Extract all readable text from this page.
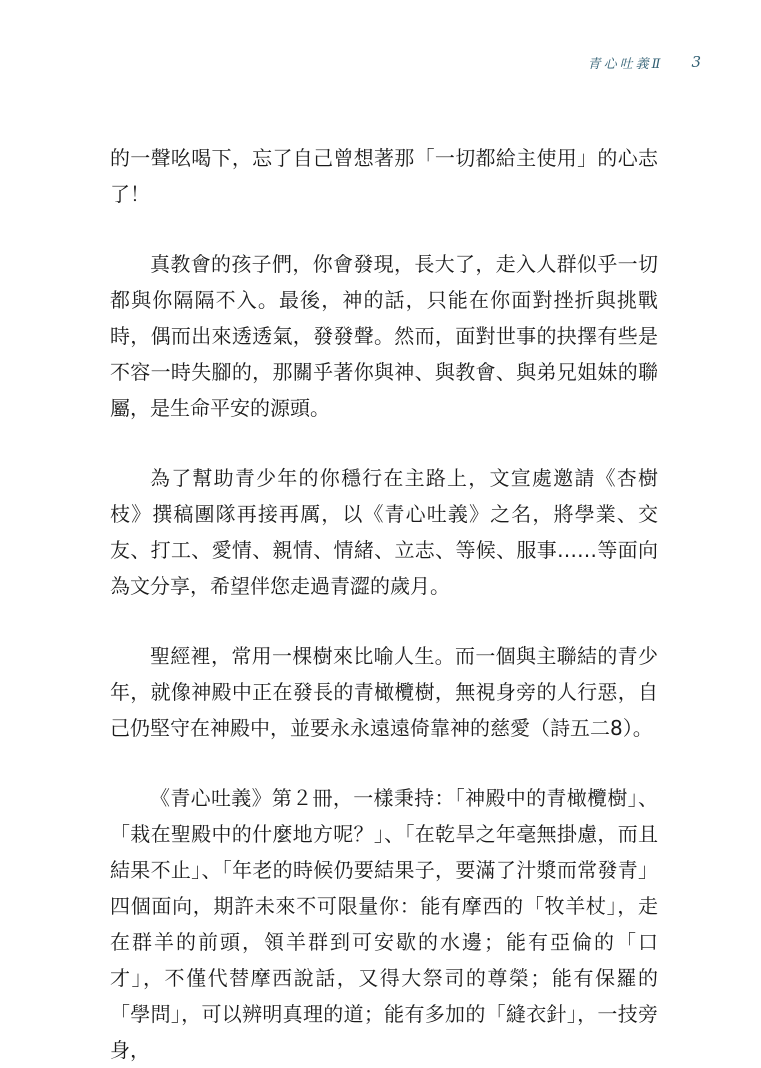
青心吐義Ⅱ 3

的一聲吆喝下，忘了自己曾想著那「一切都給主使用」的心志了！

真教會的孩子們，你會發現，長大了，走入人群似乎一切都與你隔隔不入。最後，神的話，只能在你面對挫折與挑戰時，偶而出來透透氣，發發聲。然而，面對世事的抉擇有些是不容一時失腳的，那關乎著你與神、與教會、與弟兄姐妹的聯屬，是生命平安的源頭。

為了幫助青少年的你穩行在主路上，文宣處邀請《杏樹枝》撰稿團隊再接再厲，以《青心吐義》之名，將學業、交友、打工、愛情、親情、情緒、立志、等候、服事……等面向為文分享，希望伴您走過青澀的歲月。

聖經裡，常用一棵樹來比喻人生。而一個與主聯結的青少年，就像神殿中正在發長的青橄欖樹，無視身旁的人行惡，自己仍堅守在神殿中，並要永永遠遠倚靠神的慈愛（詩五二8）。

《青心吐義》第２冊，一樣秉持：「神殿中的青橄欖樹」、「栽在聖殿中的什麼地方呢？」、「在乾旱之年毫無掛慮，而且結果不止」、「年老的時候仍要結果子，要滿了汁漿而常發青」四個面向，期許未來不可限量你：能有摩西的「牧羊杖」，走在群羊的前頭，領羊群到可安歇的水邊；能有亞倫的「口才」，不僅代替摩西說話，又得大祭司的尊榮；能有保羅的「學問」，可以辨明真理的道；能有多加的「縫衣針」，一技旁身，
